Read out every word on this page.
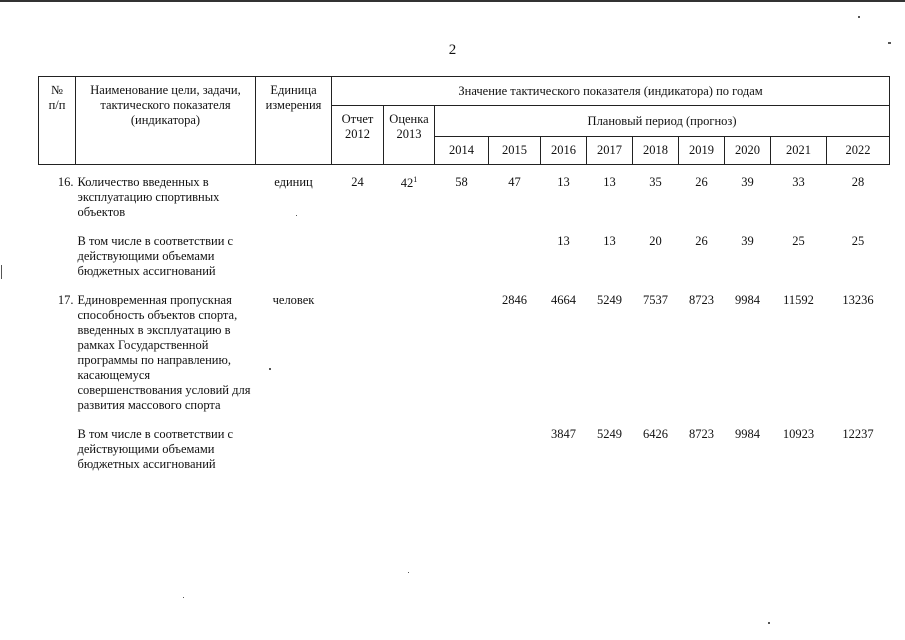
2
№
п/п	Наименование цели, задачи, тактического показателя (индикатора)	Единица измерения	Значение тактического показателя (индикатора) по годам										
			Отчет 2012	Оценка 2013	Плановый период (прогноз)								
					2014	2015	2016	2017	2018	2019	2020	2021	2022

16.	Количество введенных в эксплуатацию спортивных объектов	единиц	24	$42^1$	58	47	13	13	35	26	39	33	28

	В том числе в соответствии с действующими объемами бюджетных ассигнований						13	13	20	26	39	25	25

17.	Единовременная пропускная способность объектов спорта, введенных в эксплуатацию в рамках Государственной программы по направлению, касающемуся совершенствования условий для развития массового спорта	человек				2846	4664	5249	7537	8723	9984	11592	13236

	В том числе в соответствии с действующими объемами бюджетных ассигнований						3847	5249	6426	8723	9984	10923	12237
